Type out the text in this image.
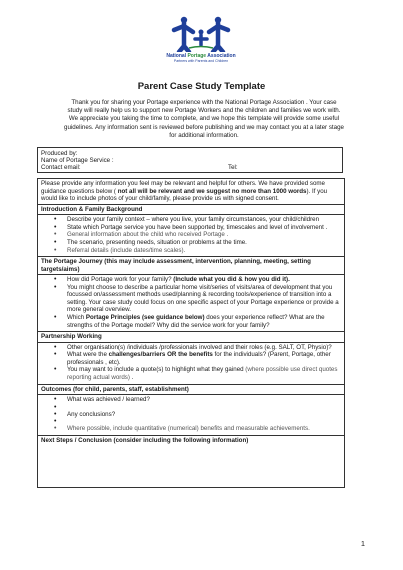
National Portage Association
Partners with Parents and Children
Parent Case Study Template

Thank you for sharing your Portage experience with the National Portage Association . Your case

study will really help us to support new Portage Workers and the children and families we work with.

We appreciate you taking the time to complete, and we hope this template will provide some useful

guidelines. Any information sent is reviewed before publishing and we may contact you at a later stage

for additional information.

Produced by:
Name of Portage Service :
Contact email:	Tel:
Please provide any information you feel may be relevant and helpful for others. We have provided some
guidance questions below ( not all will be relevant and we suggest no more than 1000 words). If you
would like to include photos of your child/family, please provide us with signed consent.
Introduction & Family Background
• Describe your family context – where you live, your family circumstances, your child/children
• State which Portage service you have been supported by, timescales and level of involvement .
• General information about the child who received Portage .
• The scenario, presenting needs, situation or problems at the time.
• Referral details (include dates/time scales).
The Portage Journey (this may include assessment, intervention, planning, meeting, setting targets/aims)
• How did Portage work for your family? (Include what you did & how you did it).
• You might choose to describe a particular home visit/series of visits/area of development that you focussed on/assessment methods used/planning & recording tools/experience of transition into a setting. Your case study could focus on one specific aspect of your Portage experience or provide a more general overview.
• Which Portage Principles (see guidance below) does your experience reflect? What are the strengths of the Portage model? Why did the service work for your family?
Partnership Working
• Other organisation(s) /individuals /professionals involved and their roles (e.g. SALT, OT, Physio)?
• What were the challenges/barriers OR the benefits for the individuals? (Parent, Portage, other professionals , etc).
• You may want to include a quote(s) to highlight what they gained (where possible use direct quotes reporting actual words) .
Outcomes (for child, parents, staff, establishment)
• What was achieved / learned?
•
• Any conclusions?
•
• Where possible, include quantitative (numerical) benefits and measurable achievements.
Next Steps / Conclusion (consider including the following information)
1
